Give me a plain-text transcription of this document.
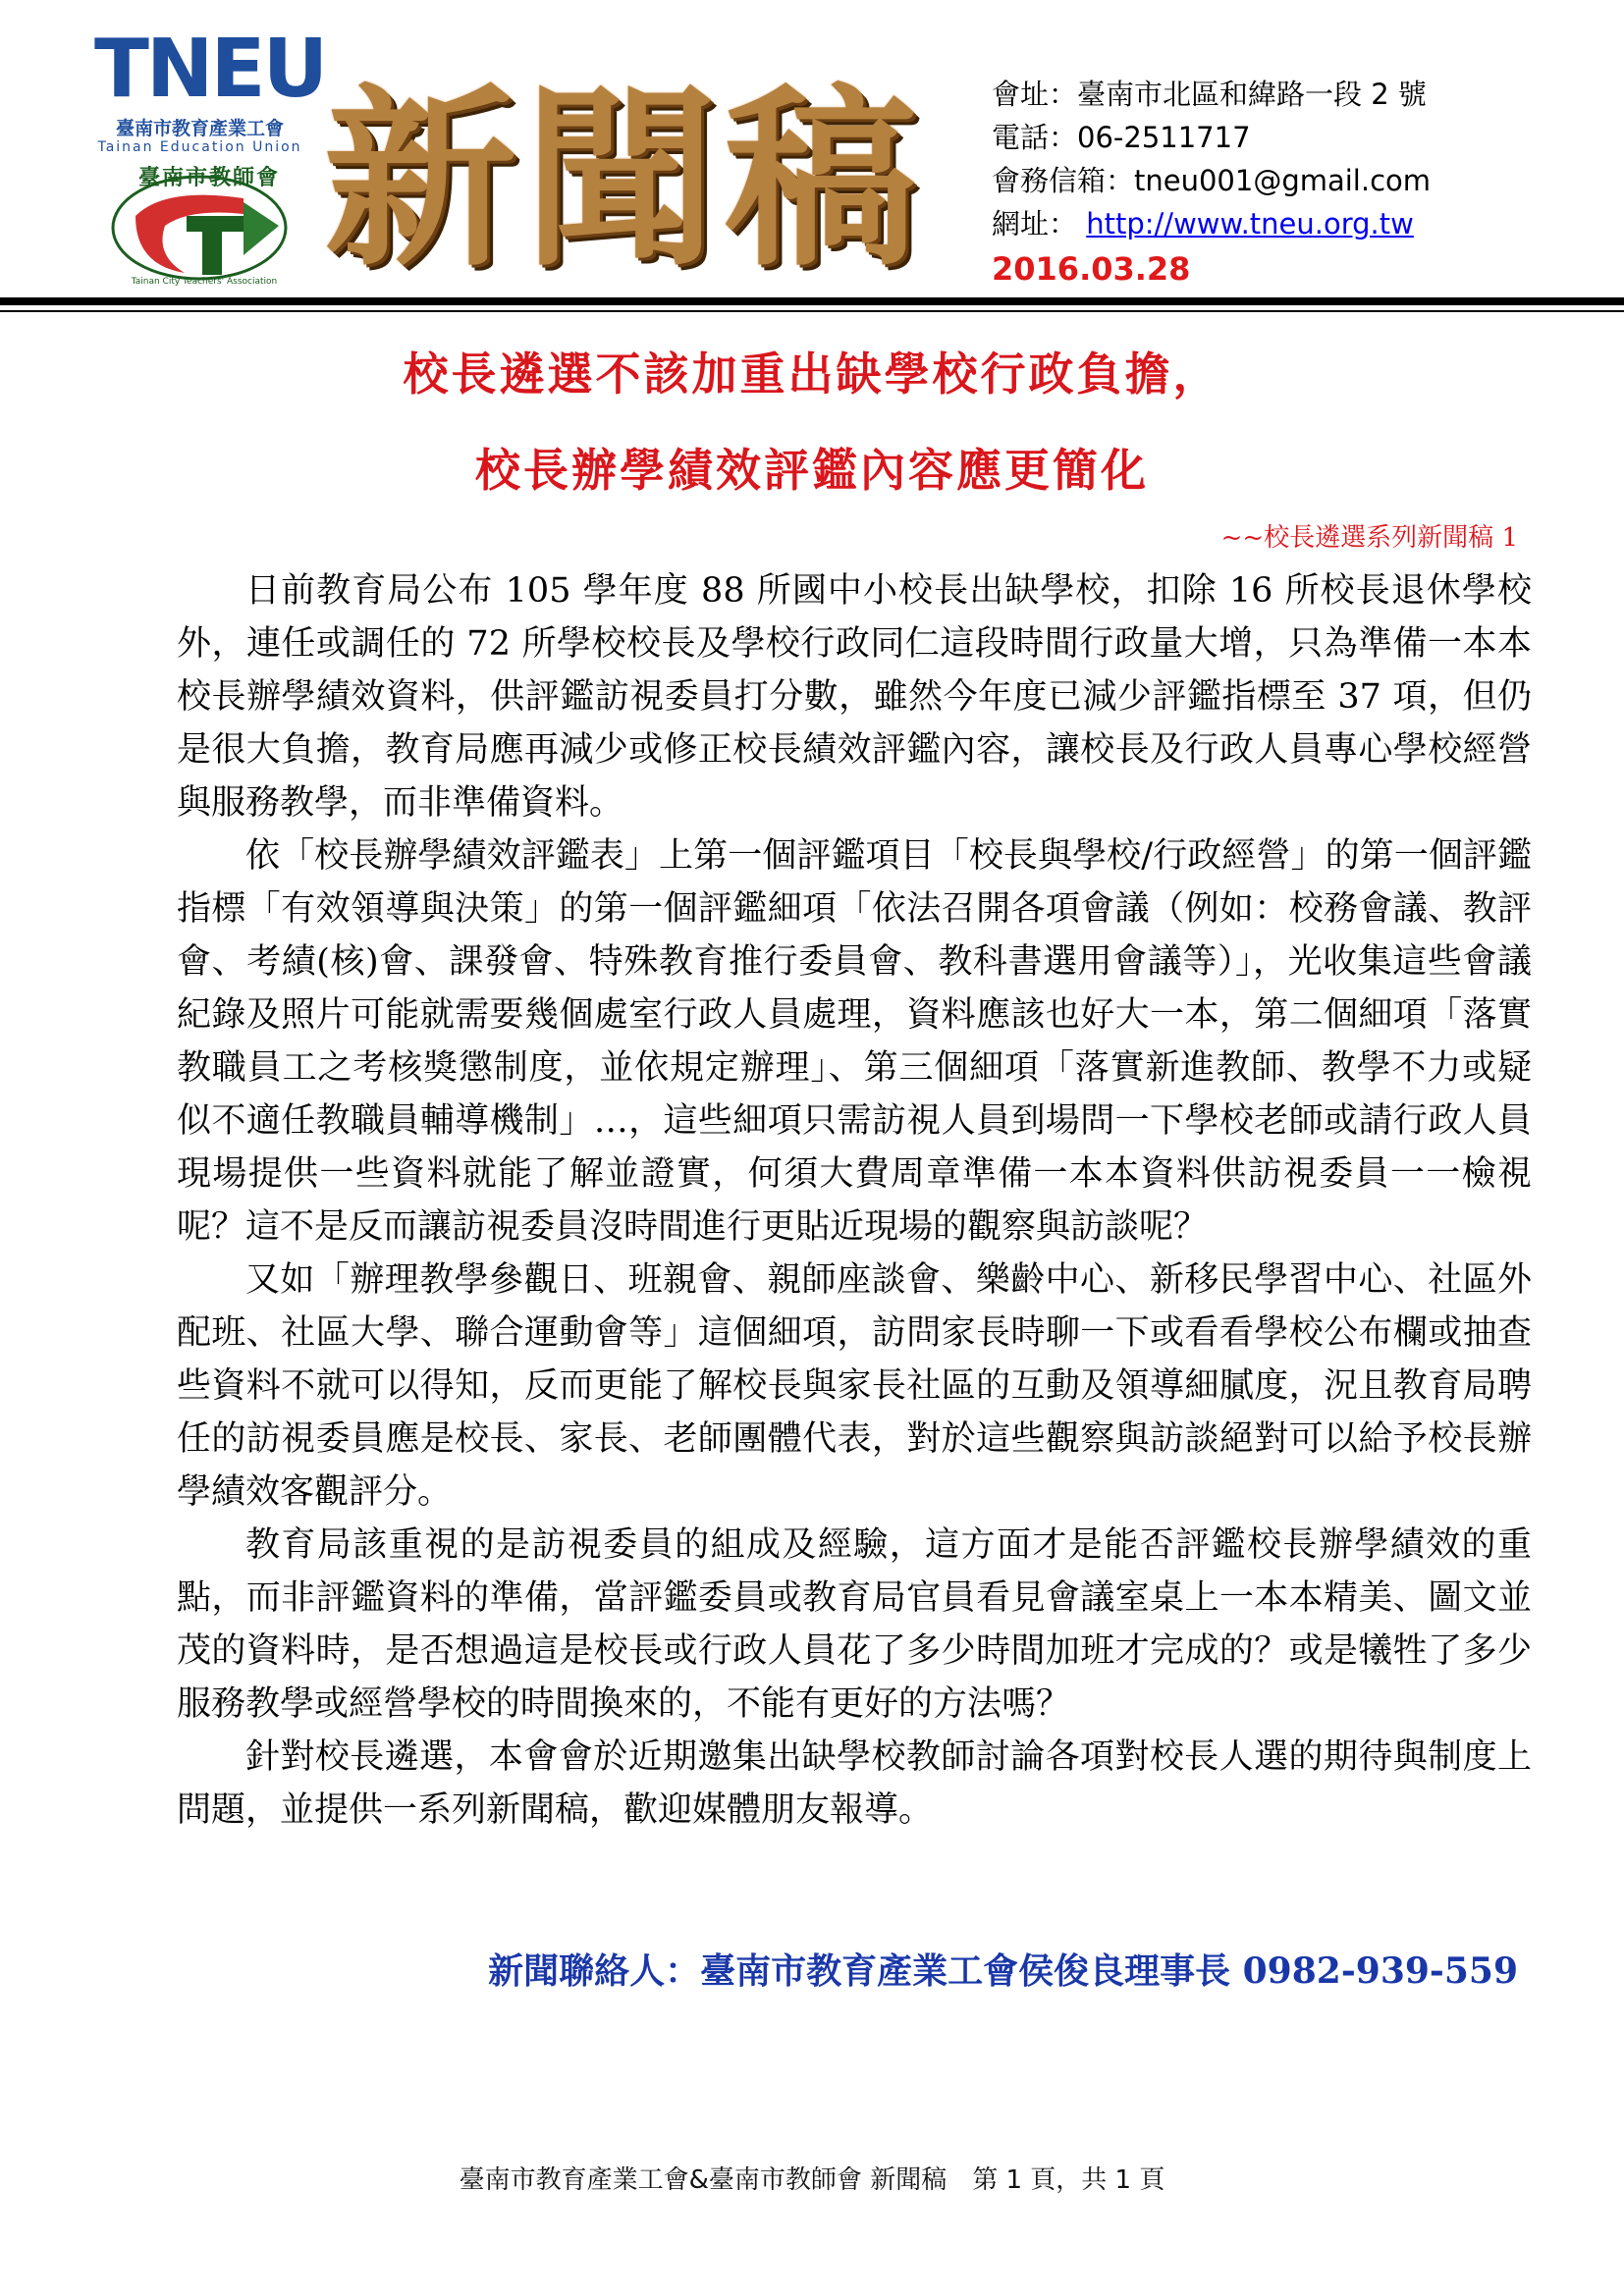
TNEU
臺南市教育產業工會
Tainan Education Union
臺南市教師會
Tainan City Teachers' Association 新聞稿	會址：臺南市北區和緯路一段 2 號
電話：06-2511717
會務信箱：tneu001@gmail.com
網址： http://www.tneu.org.tw
2016.03.28
校長遴選不該加重出缺學校行政負擔，
校長辦學績效評鑑內容應更簡化
~~校長遴選系列新聞稿 1

日前教育局公布 105 學年度 88 所國中小校長出缺學校，扣除 16 所校長退休學校外，連任或調任的 72 所學校校長及學校行政同仁這段時間行政量大增，只為準備一本本校長辦學績效資料，供評鑑訪視委員打分數，雖然今年度已減少評鑑指標至 37 項，但仍是很大負擔，教育局應再減少或修正校長績效評鑑內容，讓校長及行政人員專心學校經營與服務教學，而非準備資料。

依「校長辦學績效評鑑表」上第一個評鑑項目「校長與學校/行政經營」的第一個評鑑指標「有效領導與決策」的第一個評鑑細項「依法召開各項會議（例如：校務會議、教評會、考績(核)會、課發會、特殊教育推行委員會、教科書選用會議等）」，光收集這些會議紀錄及照片可能就需要幾個處室行政人員處理，資料應該也好大一本，第二個細項「落實教職員工之考核獎懲制度，並依規定辦理」、第三個細項「落實新進教師、教學不力或疑似不適任教職員輔導機制」…，這些細項只需訪視人員到場問一下學校老師或請行政人員現場提供一些資料就能了解並證實，何須大費周章準備一本本資料供訪視委員一一檢視呢？這不是反而讓訪視委員沒時間進行更貼近現場的觀察與訪談呢？

又如「辦理教學參觀日、班親會、親師座談會、樂齡中心、新移民學習中心、社區外配班、社區大學、聯合運動會等」這個細項，訪問家長時聊一下或看看學校公布欄或抽查些資料不就可以得知，反而更能了解校長與家長社區的互動及領導細膩度，況且教育局聘任的訪視委員應是校長、家長、老師團體代表，對於這些觀察與訪談絕對可以給予校長辦學績效客觀評分。

教育局該重視的是訪視委員的組成及經驗，這方面才是能否評鑑校長辦學績效的重點，而非評鑑資料的準備，當評鑑委員或教育局官員看見會議室桌上一本本精美、圖文並茂的資料時，是否想過這是校長或行政人員花了多少時間加班才完成的？或是犧牲了多少服務教學或經營學校的時間換來的，不能有更好的方法嗎？

針對校長遴選，本會會於近期邀集出缺學校教師討論各項對校長人選的期待與制度上問題，並提供一系列新聞稿，歡迎媒體朋友報導。

新聞聯絡人：臺南市教育產業工會侯俊良理事長 0982-939-559
臺南市教育產業工會&臺南市教師會 新聞稿　第 1 頁，共 1 頁
